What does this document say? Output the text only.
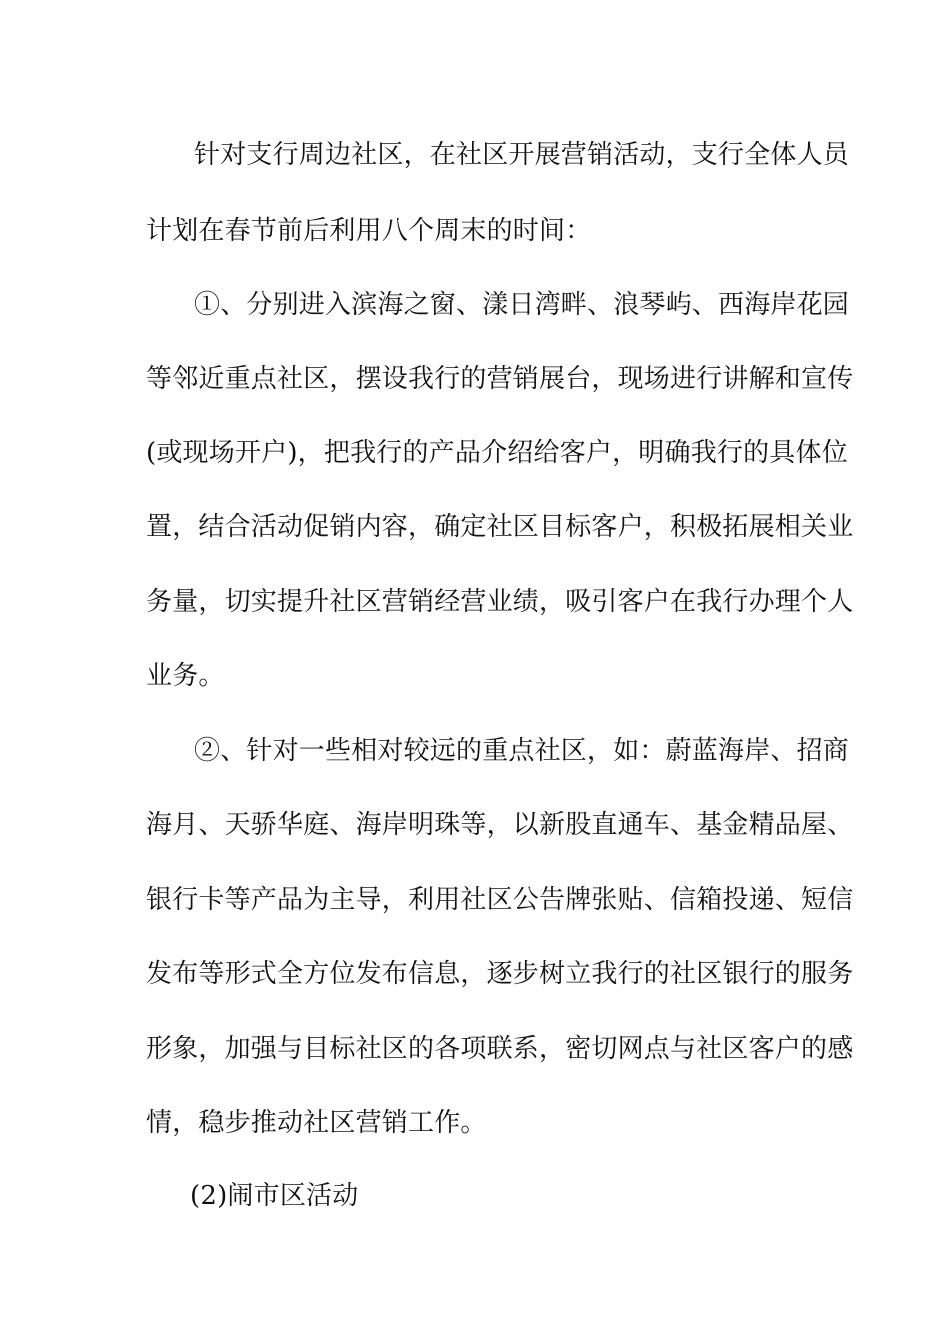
针对支行周边社区，在社区开展营销活动，支行全体人员
计划在春节前后利用八个周末的时间：
①、分别进入滨海之窗、漾日湾畔、浪琴屿、西海岸花园
等邻近重点社区，摆设我行的营销展台，现场进行讲解和宣传
(或现场开户)，把我行的产品介绍给客户，明确我行的具体位
置，结合活动促销内容，确定社区目标客户，积极拓展相关业
务量，切实提升社区营销经营业绩，吸引客户在我行办理个人
业务。
②、针对一些相对较远的重点社区，如：蔚蓝海岸、招商
海月、天骄华庭、海岸明珠等，以新股直通车、基金精品屋、
银行卡等产品为主导，利用社区公告牌张贴、信箱投递、短信
发布等形式全方位发布信息，逐步树立我行的社区银行的服务
形象，加强与目标社区的各项联系，密切网点与社区客户的感
情，稳步推动社区营销工作。
(2)闹市区活动
